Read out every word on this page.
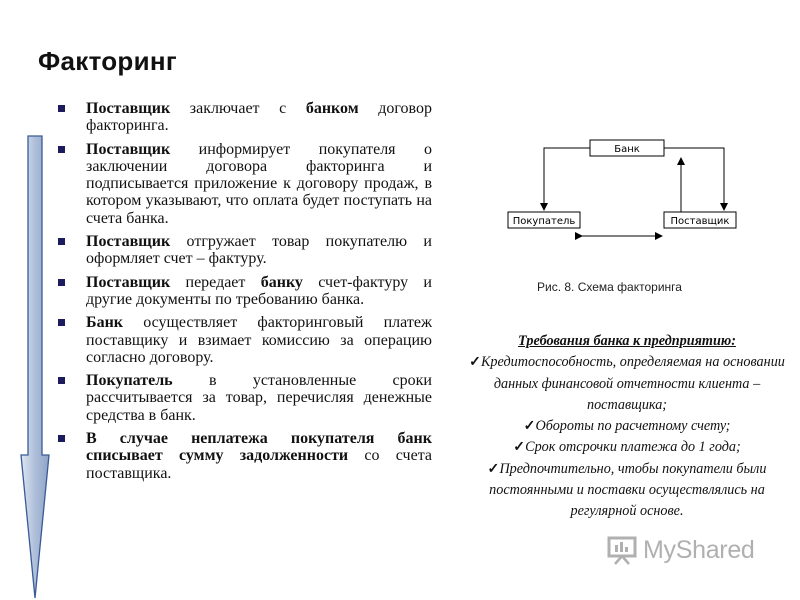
Факторинг
Поставщик заключает с банком договор факторинга.
Поставщик информирует покупателя о заключении договора факторинга и подписывается приложение к договору продаж, в котором указывают, что оплата будет поступать на счета банка.
Поставщик отгружает товар покупателю и оформляет счет – фактуру.
Поставщик передает банку счет-фактуру и другие документы по требованию банка.
Банк осуществляет факторинговый платеж поставщику и взимает комиссию за операцию согласно договору.
Покупатель в установленные сроки рассчитывается за товар, перечисляя денежные средства в банк.
В случае неплатежа покупателя банк списывает сумму задолженности со счета поставщика.
Банк
Покупатель	Поставщик
Рис. 8. Схема факторинга
Требования банка к предприятию:
✓Кредитоспособность, определяемая на основании данных финансовой отчетности клиента – поставщика;
✓Обороты по расчетному счету;
✓Срок отсрочки платежа до 1 года;
✓Предпочтительно, чтобы покупатели были постоянными и поставки осуществлялись на регулярной основе.
MyShared
